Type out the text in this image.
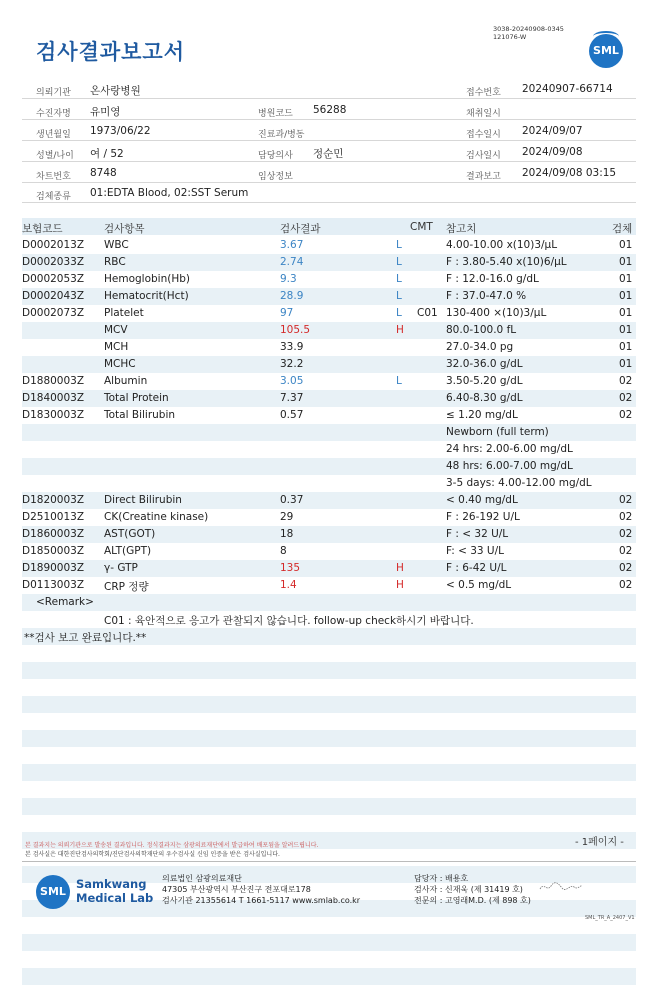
검사결과보고서
3038-20240908-0345
121076-W
SML
의뢰기관 온사랑병원	접수번호 20240907-66714
수진자명 유미영	병원코드 56288	채취일시
생년월일 1973/06/22	진료과/병동	접수일시 2024/09/07
성별/나이 여 / 52	담당의사 정순민	검사일시 2024/09/08
차트번호 8748	임상정보	결과보고 2024/09/08 03:15
검체종류 01:EDTA Blood, 02:SST Serum
보험코드	검사항목	검사결과	CMT 참고치	검체
D0002013Z WBC	3.67	L	4.00-10.00 x(10)3/μL	01
D0002033Z RBC	2.74	L	F : 3.80-5.40 x(10)6/μL	01
D0002053Z Hemoglobin(Hb)	9.3	L	F : 12.0-16.0 g/dL	01
D0002043Z Hematocrit(Hct)	28.9	L	F : 37.0-47.0 %	01
D0002073Z Platelet	97	L C01 130-400 ×(10)3/μL	01
MCV	105.5	H	80.0-100.0 fL	01
MCH	33.9	27.0-34.0 pg	01
MCHC	32.2	32.0-36.0 g/dL	01
D1880003Z Albumin	3.05	L	3.50-5.20 g/dL	02
D1840003Z Total Protein	7.37	6.40-8.30 g/dL	02
D1830003Z Total Bilirubin	0.57	≤ 1.20 mg/dL	02
Newborn (full term)
24 hrs: 2.00-6.00 mg/dL
48 hrs: 6.00-7.00 mg/dL
3-5 days: 4.00-12.00 mg/dL
D1820003Z Direct Bilirubin	0.37	< 0.40 mg/dL	02
D2510013Z CK(Creatine kinase)	29	F : 26-192 U/L	02
D1860003Z AST(GOT)	18	F : < 32 U/L	02
D1850003Z ALT(GPT)	8	F: < 33 U/L	02
D1890003Z γ- GTP	135	H	F : 6-42 U/L	02
D0113003Z CRP 정량	1.4	H	< 0.5 mg/dL	02
<Remark>
C01 : 육안적으로 응고가 관찰되지 않습니다. follow-up check하시기 바랍니다.
**검사 보고 완료입니다.**
본 결과지는 의뢰기관으로 발송된 결과입니다. 정식결과지는 삼광의료재단에서 발급하여 배포됨을 알려드립니다.
본 검사실은 대한진단검사의학회/진단검사의학재단의 우수검사실 신임 인증을 받은 검사실입니다.
- 1페이지 -
SML
Samkwang
Medical Lab
의료법인 삼광의료재단
47305 부산광역시 부산진구 전포대로178
검사기관 21355614 T 1661-5117 www.smlab.co.kr
담당자 : 배용호
검사자 : 신재욱 (제 31419 호)
전문의 : 고영래M.D. (제 898 호)
SML_TR_A_2407_V1
